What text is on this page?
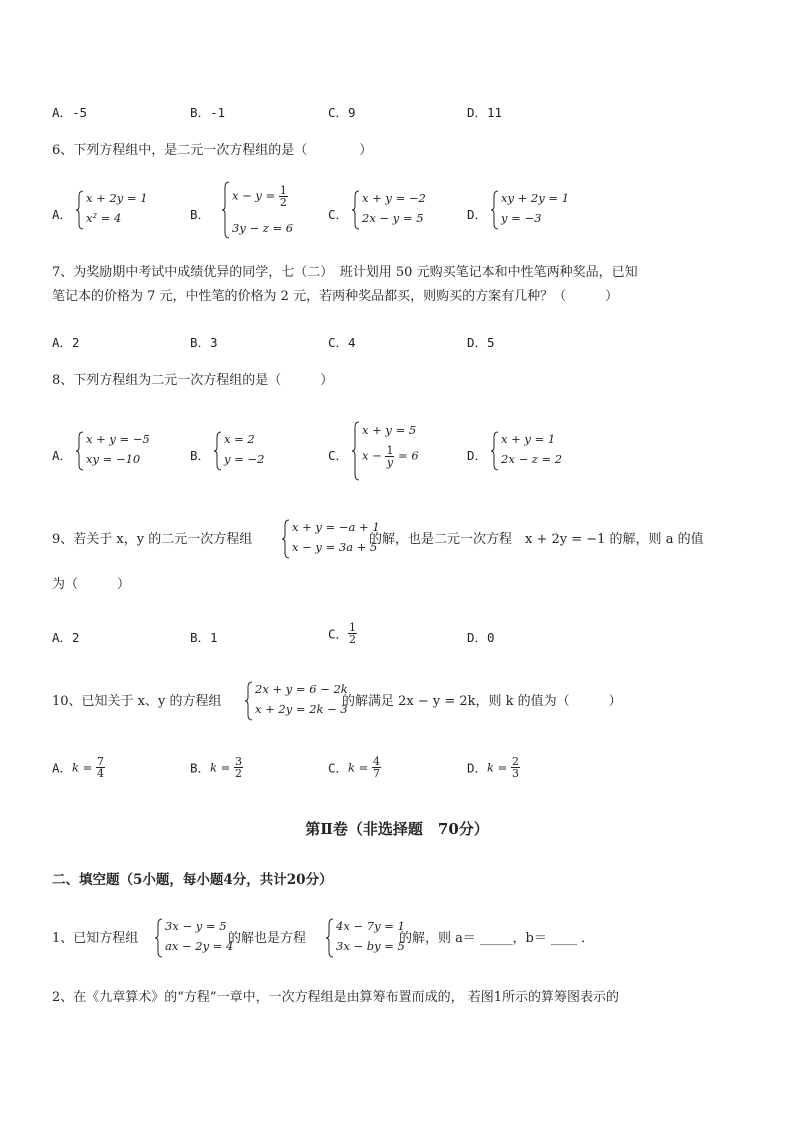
A．-5	B．-1	C．9	D．11
6、下列方程组中，是二元一次方程组的是（　　　　）
A．
x + 2y = 1
x² = 4	B．
$x - y = \frac{1}{2}$
3y − z = 6
C．
x + y = −2
2x − y = 5	D．
xy + 2y = 1
y = −3
7、为奖励期中考试中成绩优异的同学，七（二）　班计划用 50 元购买笔记本和中性笔两种奖品，已知
笔记本的价格为 7 元，中性笔的价格为 2 元，若两种奖品都买，则购买的方案有几种？（　　　）
A．2	B．3	C．4	D．5
8、下列方程组为二元一次方程组的是（　　　）
A．
x + y = −5
xy = −10	B．
x = 2
y = −2	C．
x + y = 5
$x - \frac{1}{y} = 6$	D．
x + y = 1
2x − z = 2
9、若关于 x，y 的二元一次方程组
x + y = −a + 1
x − y = 3a + 5
的解，也是二元一次方程　x + 2y = −1 的解，则 a 的值
为（　　　）
A．2	B．1	C． $\frac{1}{2}$	D．0
10、已知关于 x、y 的方程组
2x + y = 6 − 2k
x + 2y = 2k − 3
的解满足 2x − y = 2k，则 k 的值为（　　　）
A．$k = \frac{7}{4}$	B．$k = \frac{3}{2}$	C．$k = \frac{4}{7}$	D．$k = \frac{2}{3}$
第Ⅱ卷（非选择题　70分）
二、填空题（5小题，每小题4分，共计20分）
1、已知方程组
3x − y = 5
ax − 2y = 4
的解也是方程
4x − 7y = 1
3x − by = 5
的解，则 a＝ _____，b＝ ____ ．
2、在《九章算术》的“方程”一章中，一次方程组是由算筹布置而成的， 若图1所示的算筹图表示的
